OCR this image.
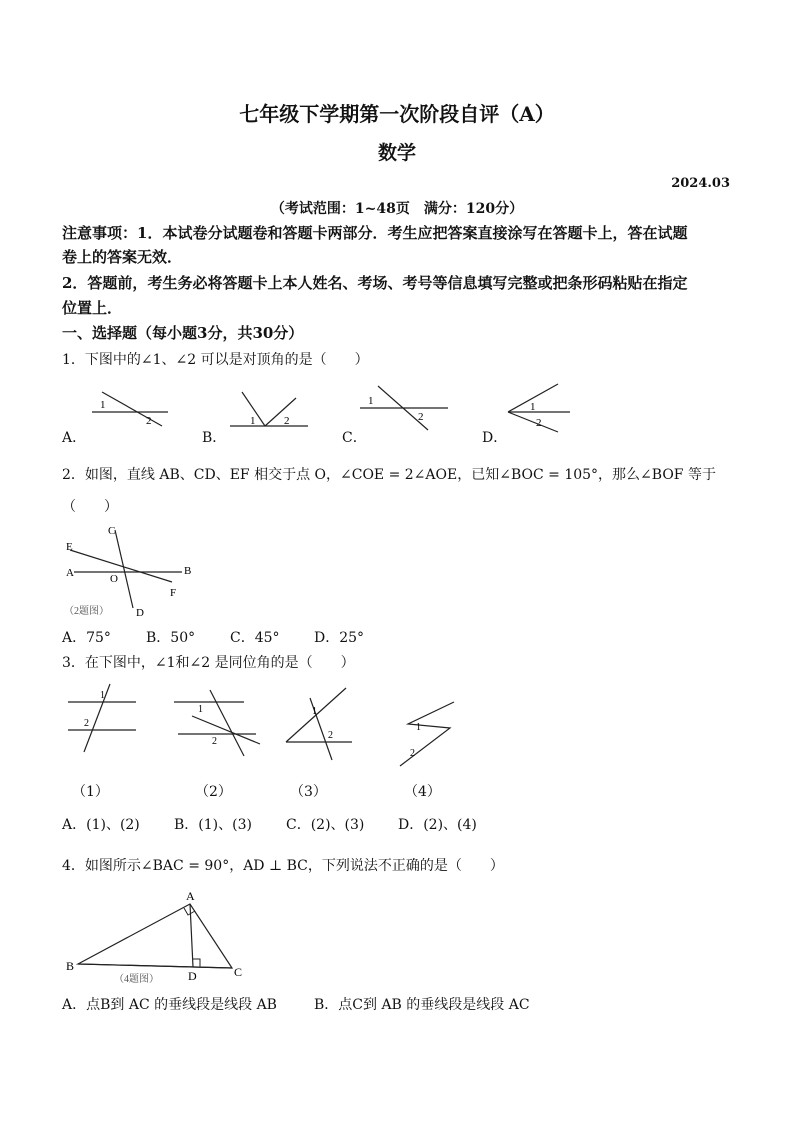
七年级下学期第一次阶段自评（A）
数学
2024.03
（考试范围：1~48页　满分：120分）
注意事项：1．本试卷分试题卷和答题卡两部分．考生应把答案直接涂写在答题卡上，答在试题
卷上的答案无效．
2．答题前，考生务必将答题卡上本人姓名、考场、考号等信息填写完整或把条形码粘贴在指定
位置上．
一、选择题（每小题3分，共30分）
1．下图中的∠1、∠2 可以是对顶角的是（　　）
1
2	1	2
1
2
1
2
A．	B．	C．	D．
2．如图，直线 AB、CD、EF 相交于点 O，∠COE = 2∠AOE，已知∠BOC = 105°，那么∠BOF 等于
（　　）
C
E
A	O
B
F
D
（2题图）
A．75°	B．50° C．45° D．25°
3．在下图中，∠1和∠2 是同位角的是（　　）
1
2
1
2
1
2
1
2
（1）	（2）	（3）	（4）
A．(1)、(2) B．(1)、(3) C．(2)、(3) D．(2)、(4)
4．如图所示∠BAC = 90°，AD ⊥ BC，下列说法不正确的是（　　）
A
B
D	C
（4题图）
A．点B到 AC 的垂线段是线段 AB	B．点C到 AB 的垂线段是线段 AC
